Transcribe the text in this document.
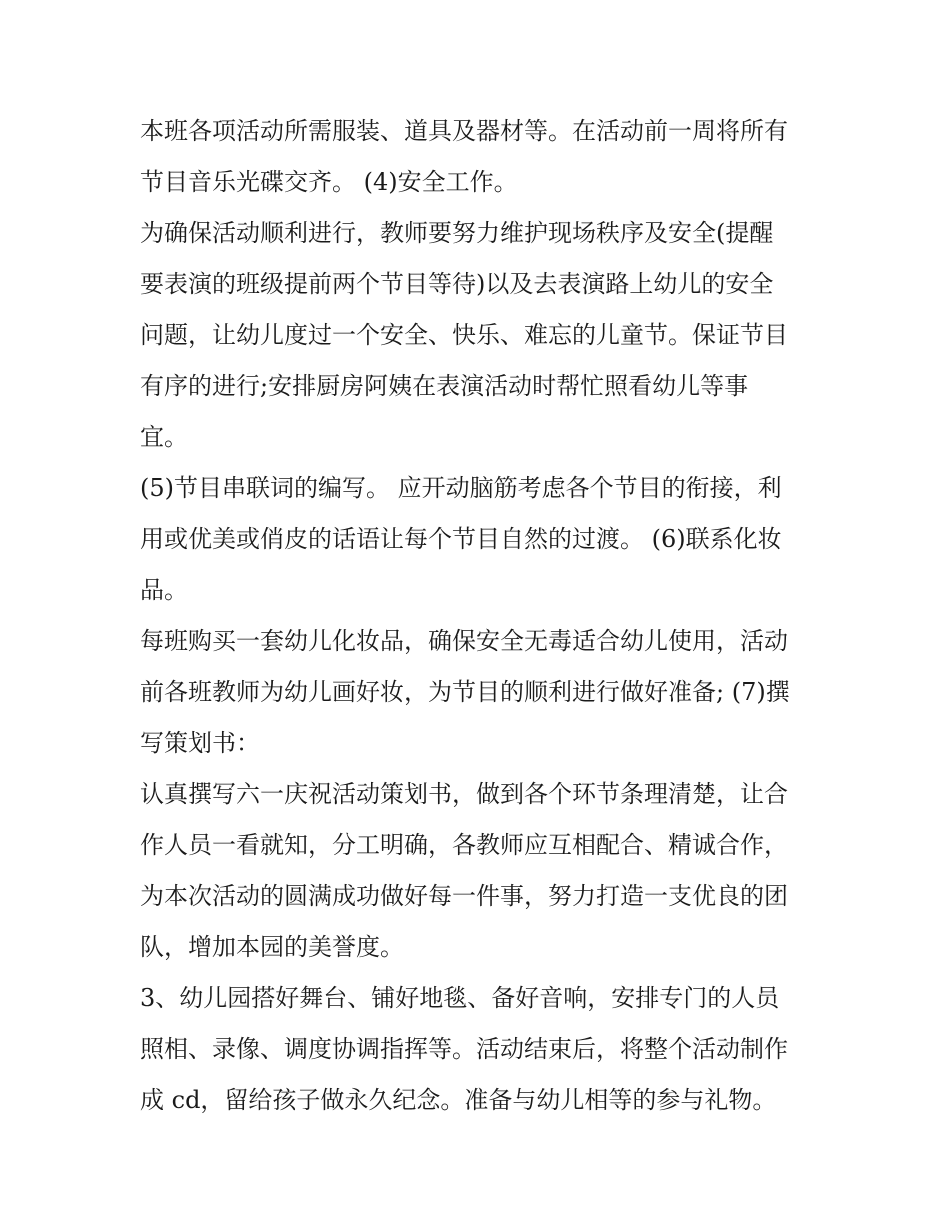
本班各项活动所需服装、道具及器材等。在活动前一周将所有
节目音乐光碟交齐。 (4)安全工作。
为确保活动顺利进行，教师要努力维护现场秩序及安全(提醒
要表演的班级提前两个节目等待)以及去表演路上幼儿的安全
问题，让幼儿度过一个安全、快乐、难忘的儿童节。保证节目
有序的进行;安排厨房阿姨在表演活动时帮忙照看幼儿等事
宜。
(5)节目串联词的编写。 应开动脑筋考虑各个节目的衔接，利
用或优美或俏皮的话语让每个节目自然的过渡。 (6)联系化妆
品。
每班购买一套幼儿化妆品，确保安全无毒适合幼儿使用，活动
前各班教师为幼儿画好妆，为节目的顺利进行做好准备; (7)撰
写策划书：
认真撰写六一庆祝活动策划书，做到各个环节条理清楚，让合
作人员一看就知，分工明确，各教师应互相配合、精诚合作，
为本次活动的圆满成功做好每一件事，努力打造一支优良的团
队，增加本园的美誉度。
3、幼儿园搭好舞台、铺好地毯、备好音响，安排专门的人员
照相、录像、调度协调指挥等。活动结束后，将整个活动制作
成 cd，留给孩子做永久纪念。准备与幼儿相等的参与礼物。
